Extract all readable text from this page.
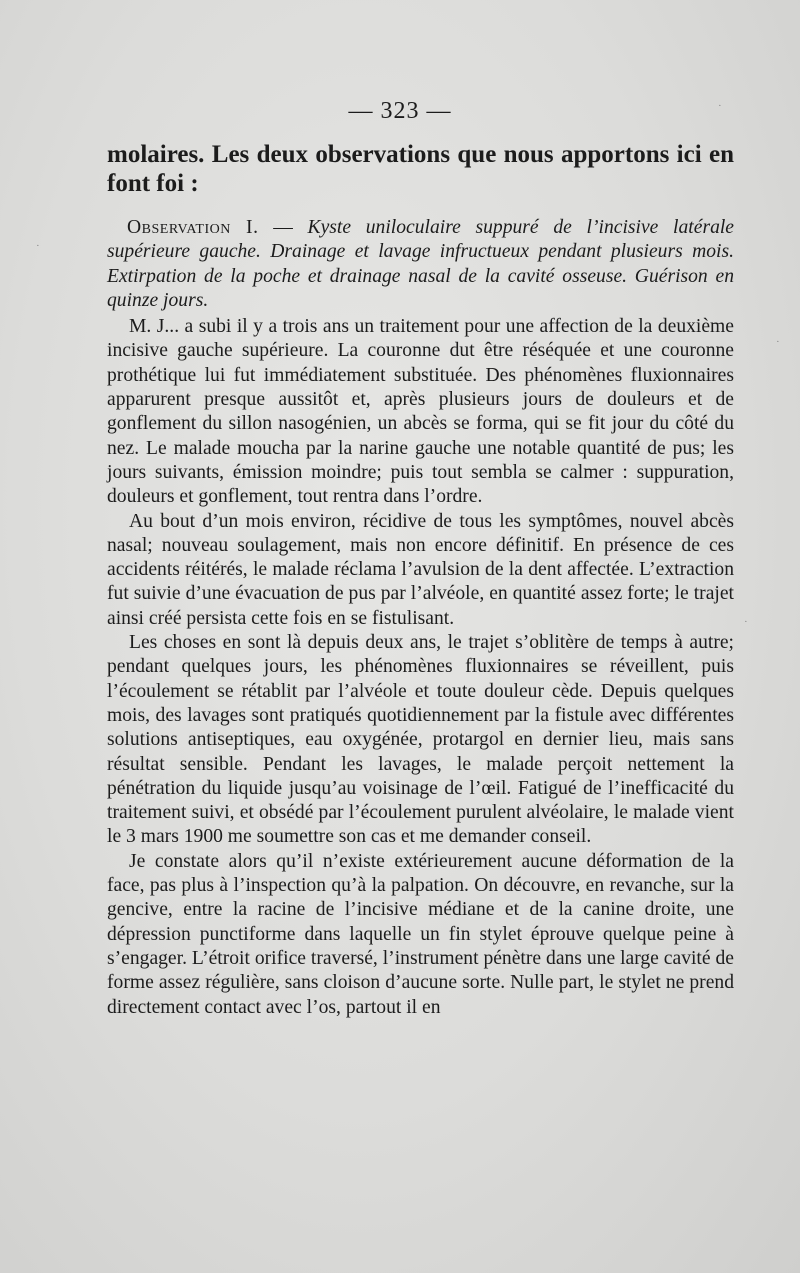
— 323 —

molaires. Les deux observations que nous apportons ici en font foi :

Observation I. — Kyste uniloculaire suppuré de l’incisive latérale supérieure gauche. Drainage et lavage infructueux pendant plusieurs mois. Extirpation de la poche et drainage nasal de la cavité osseuse. Guérison en quinze jours.

M. J... a subi il y a trois ans un traitement pour une affection de la deuxième incisive gauche supérieure. La couronne dut être réséquée et une couronne prothétique lui fut immédiatement substituée. Des phénomènes fluxionnaires apparurent presque aussitôt et, après plusieurs jours de douleurs et de gonflement du sillon nasogénien, un abcès se forma, qui se fit jour du côté du nez. Le malade moucha par la narine gauche une notable quantité de pus; les jours suivants, émission moindre; puis tout sembla se calmer : suppuration, douleurs et gonflement, tout rentra dans l’ordre.

Au bout d’un mois environ, récidive de tous les symptômes, nouvel abcès nasal; nouveau soulagement, mais non encore définitif. En présence de ces accidents réitérés, le malade réclama l’avulsion de la dent affectée. L’extraction fut suivie d’une évacuation de pus par l’alvéole, en quantité assez forte; le trajet ainsi créé persista cette fois en se fistulisant.

Les choses en sont là depuis deux ans, le trajet s’oblitère de temps à autre; pendant quelques jours, les phénomènes fluxionnaires se réveillent, puis l’écoulement se rétablit par l’alvéole et toute douleur cède. Depuis quelques mois, des lavages sont pratiqués quotidiennement par la fistule avec différentes solutions antiseptiques, eau oxygénée, protargol en dernier lieu, mais sans résultat sensible. Pendant les lavages, le malade perçoit nettement la pénétration du liquide jusqu’au voisinage de l’œil. Fatigué de l’inefficacité du traitement suivi, et obsédé par l’écoulement purulent alvéolaire, le malade vient le 3 mars 1900 me soumettre son cas et me demander conseil.

Je constate alors qu’il n’existe extérieurement aucune déformation de la face, pas plus à l’inspection qu’à la palpation. On découvre, en revanche, sur la gencive, entre la racine de l’incisive médiane et de la canine droite, une dépression punctiforme dans laquelle un fin stylet éprouve quelque peine à s’engager. L’étroit orifice traversé, l’instrument pénètre dans une large cavité de forme assez régulière, sans cloison d’aucune sorte. Nulle part, le stylet ne prend directement contact avec l’os, partout il en

·
·
·
·
